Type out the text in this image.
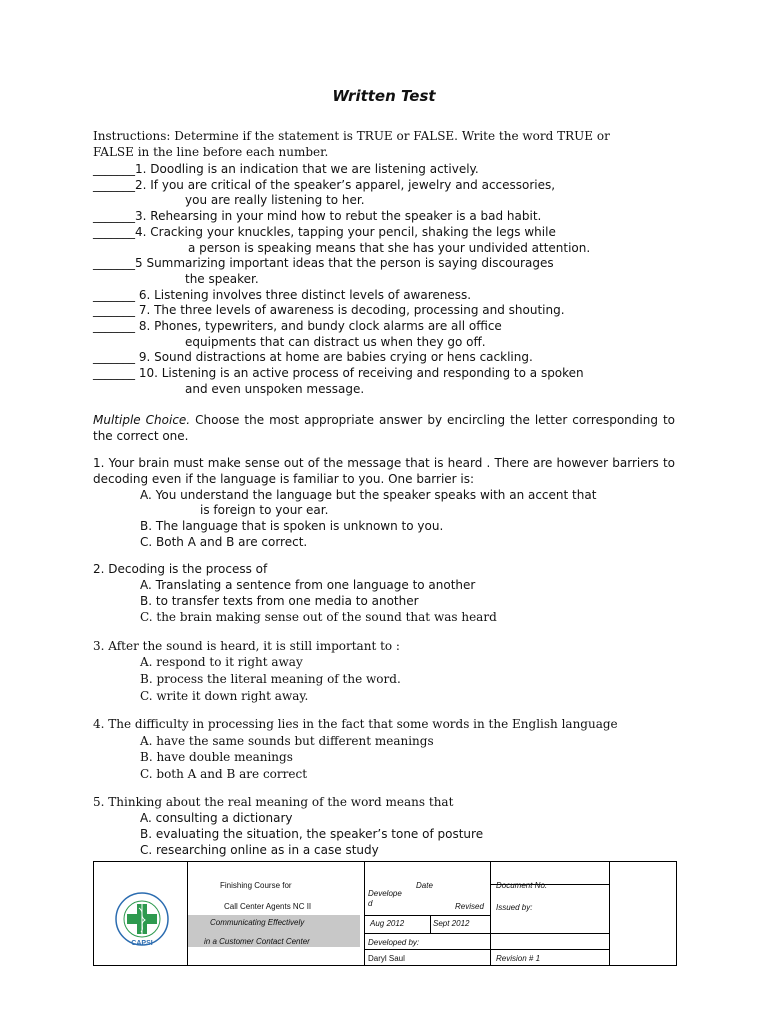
Written Test
Instructions: Determine if the statement is TRUE or FALSE. Write the word TRUE or
FALSE in the line before each number.
_______1. Doodling is an indication that we are listening actively.
_______2. If you are critical of the speaker’s apparel, jewelry and accessories,
you are really listening to her.
_______3. Rehearsing in your mind how to rebut the speaker is a bad habit.
_______4. Cracking your knuckles, tapping your pencil, shaking the legs while
a person is speaking means that she has your undivided attention.
_______5 Summarizing important ideas that the person is saying discourages
the speaker.
_______ 6. Listening involves three distinct levels of awareness.
_______ 7. The three levels of awareness is decoding, processing and shouting.
_______ 8. Phones, typewriters, and bundy clock alarms are all office
equipments that can distract us when they go off.
_______ 9. Sound distractions at home are babies crying or hens cackling.
_______ 10. Listening is an active process of receiving and responding to a spoken
and even unspoken message.
Multiple Choice. Choose the most appropriate answer by encircling the letter corresponding to the correct one.
1. Your brain must make sense out of the message that is heard . There are however barriers to decoding even if the language is familiar to you. One barrier is:
A. You understand the language but the speaker speaks with an accent that
is foreign to your ear.
B. The language that is spoken is unknown to you.
C. Both A and B are correct.
2. Decoding is the process of
A. Translating a sentence from one language to another
B. to transfer texts from one media to another
C. the brain making sense out of the sound that was heard
3. After the sound is heard, it is still important to :
A. respond to it right away
B. process the literal meaning of the word.
C. write it down right away.
4. The difficulty in processing lies in the fact that some words in the English language
A. have the same sounds but different meanings
B. have double meanings
C. both A and B are correct
5. Thinking about the real meaning of the word means that
A. consulting a dictionary
B. evaluating the situation, the speaker’s tone of posture
C. researching online as in a case study
CAPSI
Finishing Course for
Call Center Agents NC II
Communicating Effectively
in a Customer Contact Center
Date
Develope
d	Revised
Aug 2012	Sept 2012
Developed by:
Daryl Saul
Document No.
Issued by:
Revision # 1
